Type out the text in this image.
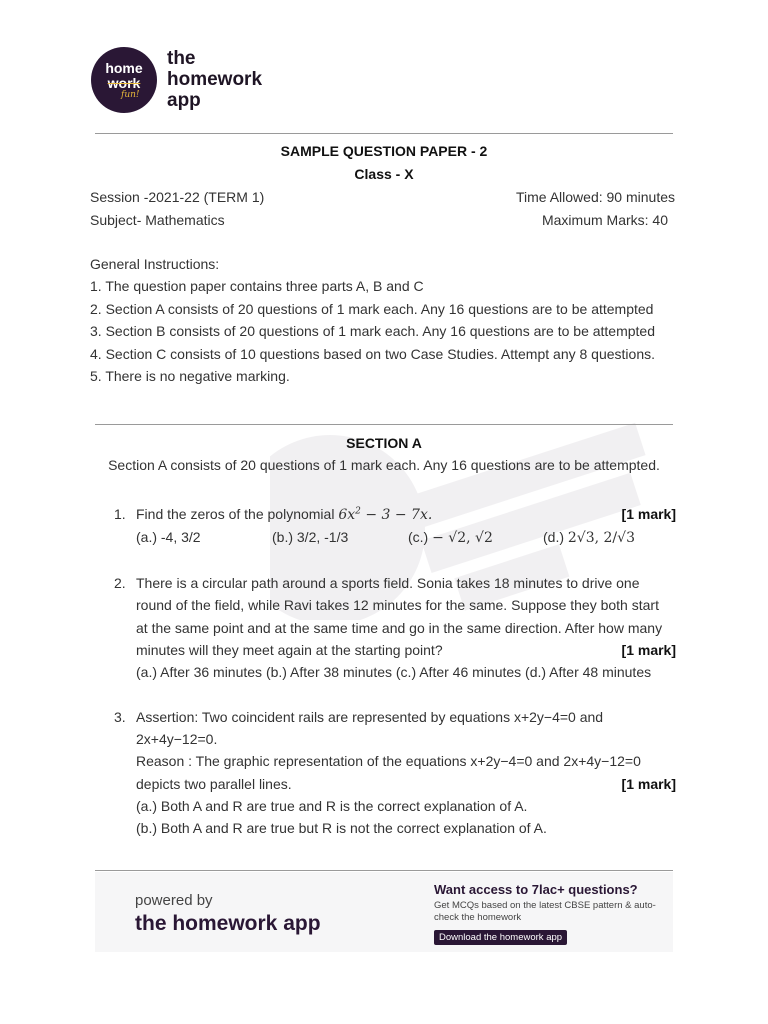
home
work
fun!
the
homework
app
SAMPLE QUESTION PAPER - 2
Class - X
Session -2021-22 (TERM 1)	Time Allowed: 90 minutes
Subject- Mathematics	Maximum Marks: 40
General Instructions:
1. The question paper contains three parts A, B and C
2. Section A consists of 20 questions of 1 mark each. Any 16 questions are to be attempted
3. Section B consists of 20 questions of 1 mark each. Any 16 questions are to be attempted
4. Section C consists of 10 questions based on two Case Studies. Attempt any 8 questions.
5. There is no negative marking.
SECTION A
Section A consists of 20 questions of 1 mark each. Any 16 questions are to be attempted.
1. Find the zeros of the polynomial $6x^2 - 3 - 7x$.	[1 mark]
(a.) -4, 3/2	(b.) 3/2, -1/3	(c.) − √2, √2	(d.) 2√3, 2/√3
2. There is a circular path around a sports field. Sonia takes 18 minutes to drive one
round of the field, while Ravi takes 12 minutes for the same. Suppose they both start
at the same point and at the same time and go in the same direction. After how many
minutes will they meet again at the starting point?	[1 mark]
(a.) After 36 minutes (b.) After 38 minutes (c.) After 46 minutes (d.) After 48 minutes
3. Assertion: Two coincident rails are represented by equations x+2y−4=0 and
2x+4y−12=0.
Reason : The graphic representation of the equations x+2y−4=0 and 2x+4y−12=0
depicts two parallel lines.	[1 mark]
(a.) Both A and R are true and R is the correct explanation of A.
(b.) Both A and R are true but R is not the correct explanation of A.
powered by
the homework app
Want access to 7lac+ questions?
Get MCQs based on the latest CBSE pattern & auto-check the homework
Download the homework app
